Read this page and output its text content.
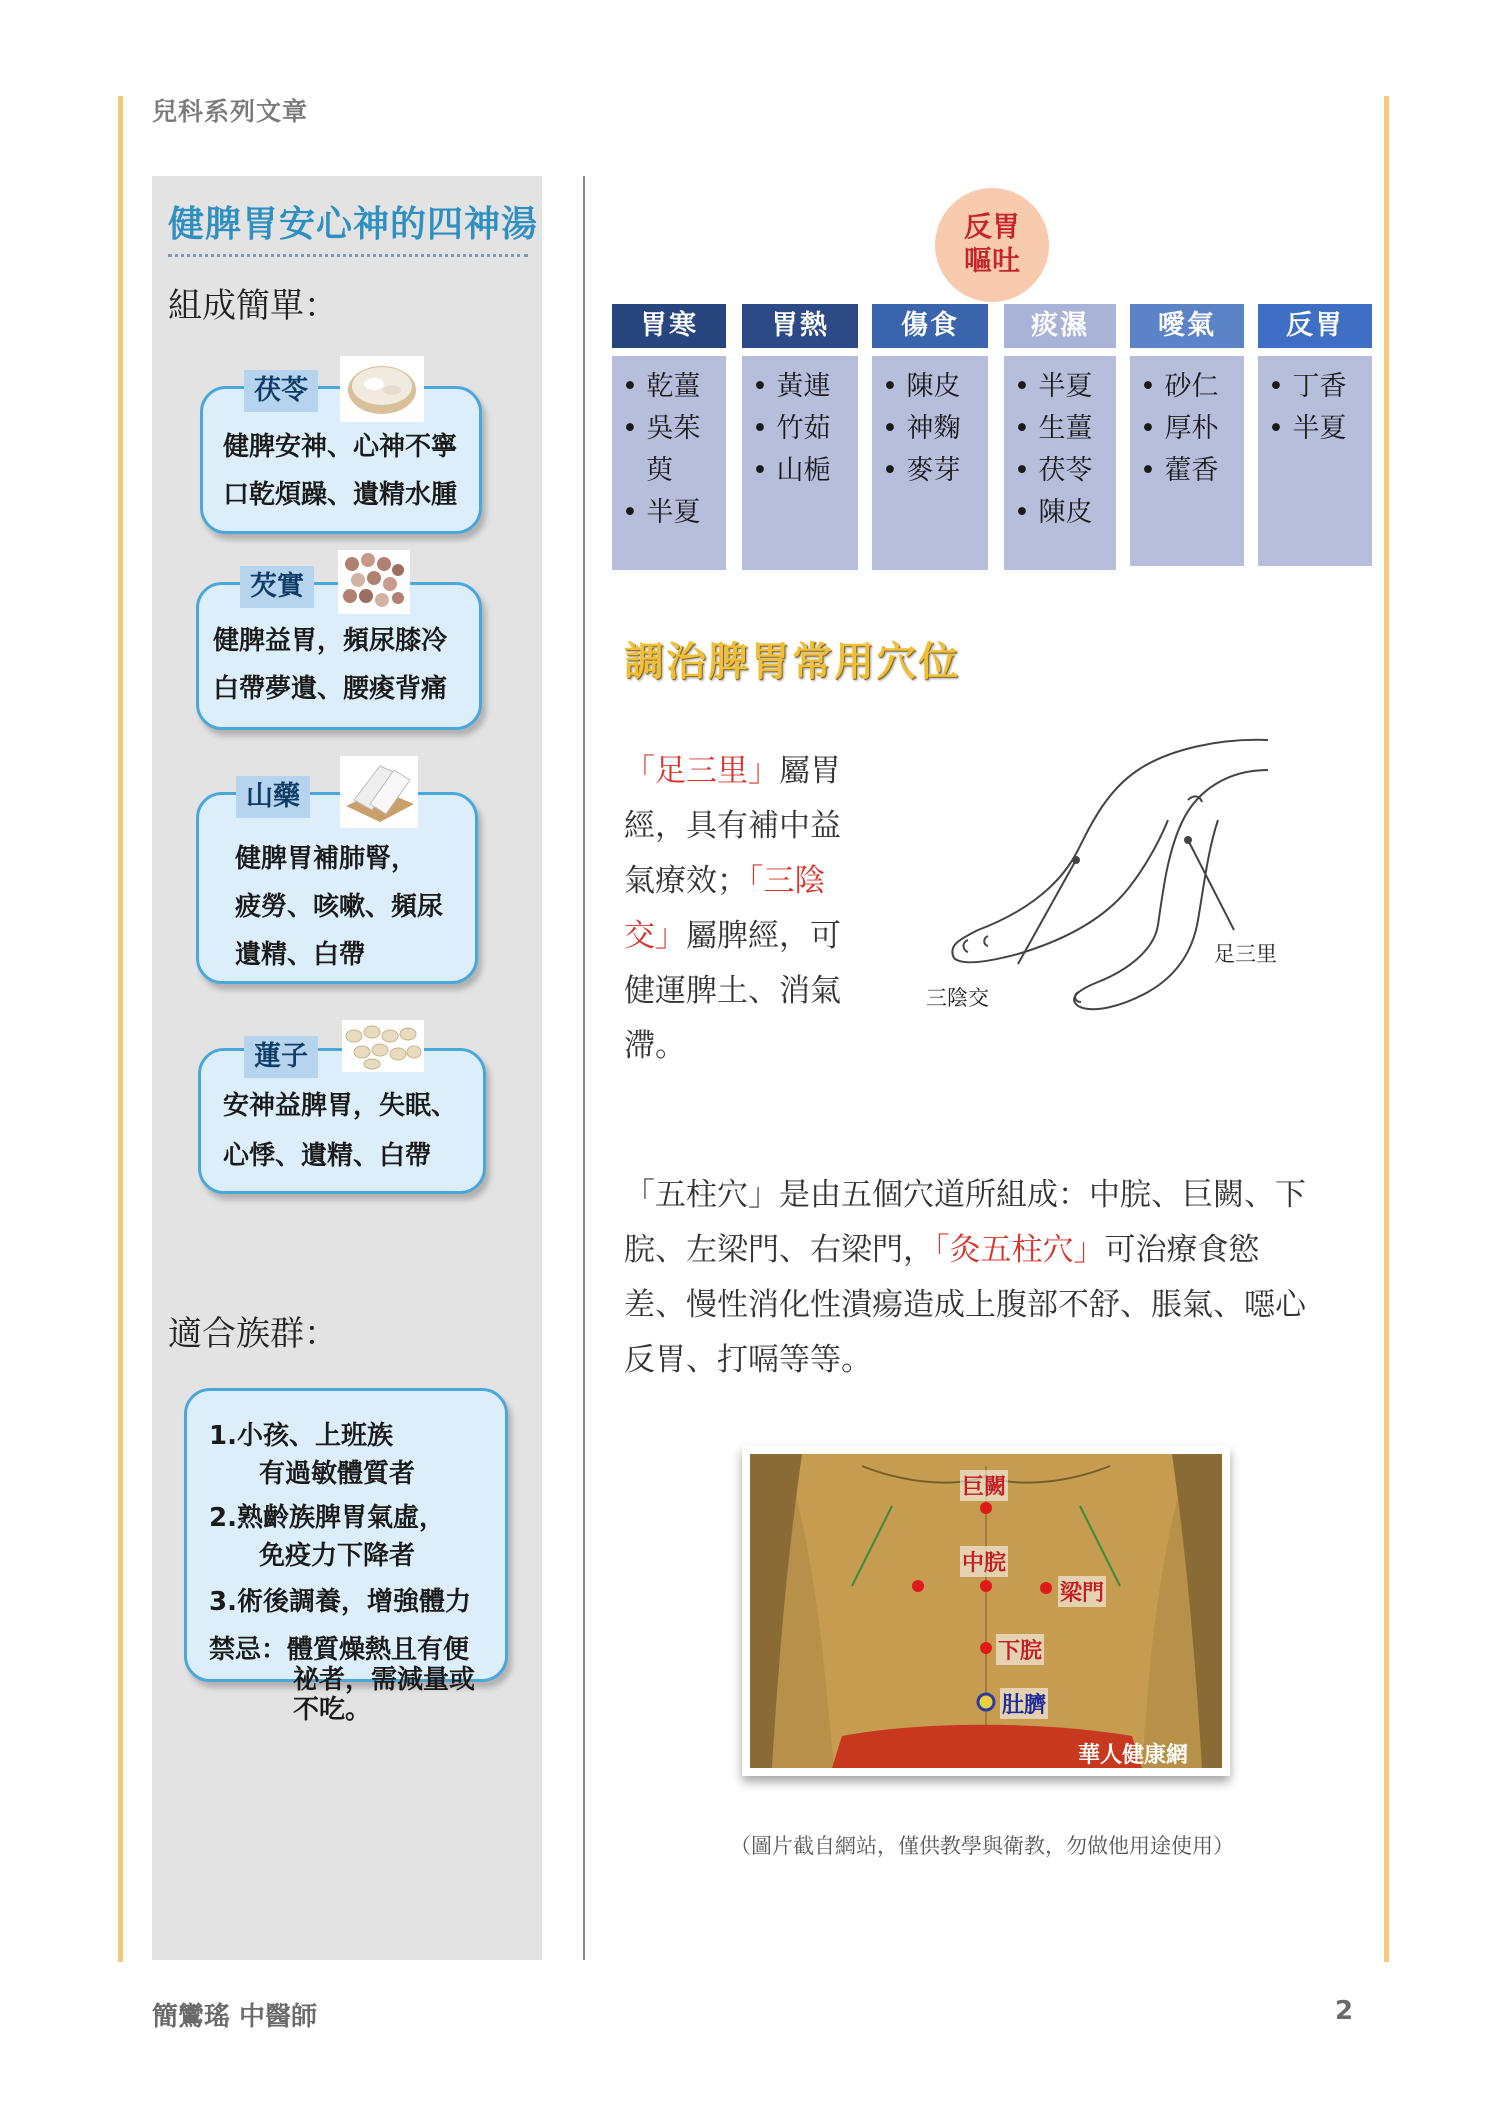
兒科系列文章
健脾胃安心神的四神湯
組成簡單：
健脾安神、心神不寧
口乾煩躁、遺精水腫
茯苓
健脾益胃，頻尿膝冷
白帶夢遺、腰痠背痛
芡實
健脾胃補肺腎，
疲勞、咳嗽、頻尿
遺精、白帶
山藥
安神益脾胃，失眠、
心悸、遺精、白帶
蓮子
適合族群：
1.小孩、上班族
有過敏體質者
2.熟齡族脾胃氣虛，
免疫力下降者
3.術後調養，增強體力
禁忌：體質燥熱且有便
祕者，需減量或
不吃。
反胃
嘔吐
胃寒
• 乾薑
• 吳茱
萸
• 半夏
胃熱
• 黃連
• 竹茹
• 山梔
傷食
• 陳皮
• 神麴
• 麥芽
痰濕
• 半夏
• 生薑
• 茯苓
• 陳皮
噯氣
• 砂仁
• 厚朴
• 藿香
反胃
• 丁香
• 半夏
調治脾胃常用穴位
「足三里」屬胃
經，具有補中益
氣療效；「三陰
交」屬脾經，可
健運脾土、消氣
滯。
足三里
三陰交
「五柱穴」是由五個穴道所組成：中脘、巨闕、下
脘、左梁門、右梁門，「灸五柱穴」可治療食慾
差、慢性消化性潰瘍造成上腹部不舒、脹氣、噁心
反胃、打嗝等等。
巨闕
中脘
梁門
下脘
肚臍
華人健康網
（圖片截自網站，僅供教學與衛教，勿做他用途使用）
簡鸞瑤 中醫師	2
